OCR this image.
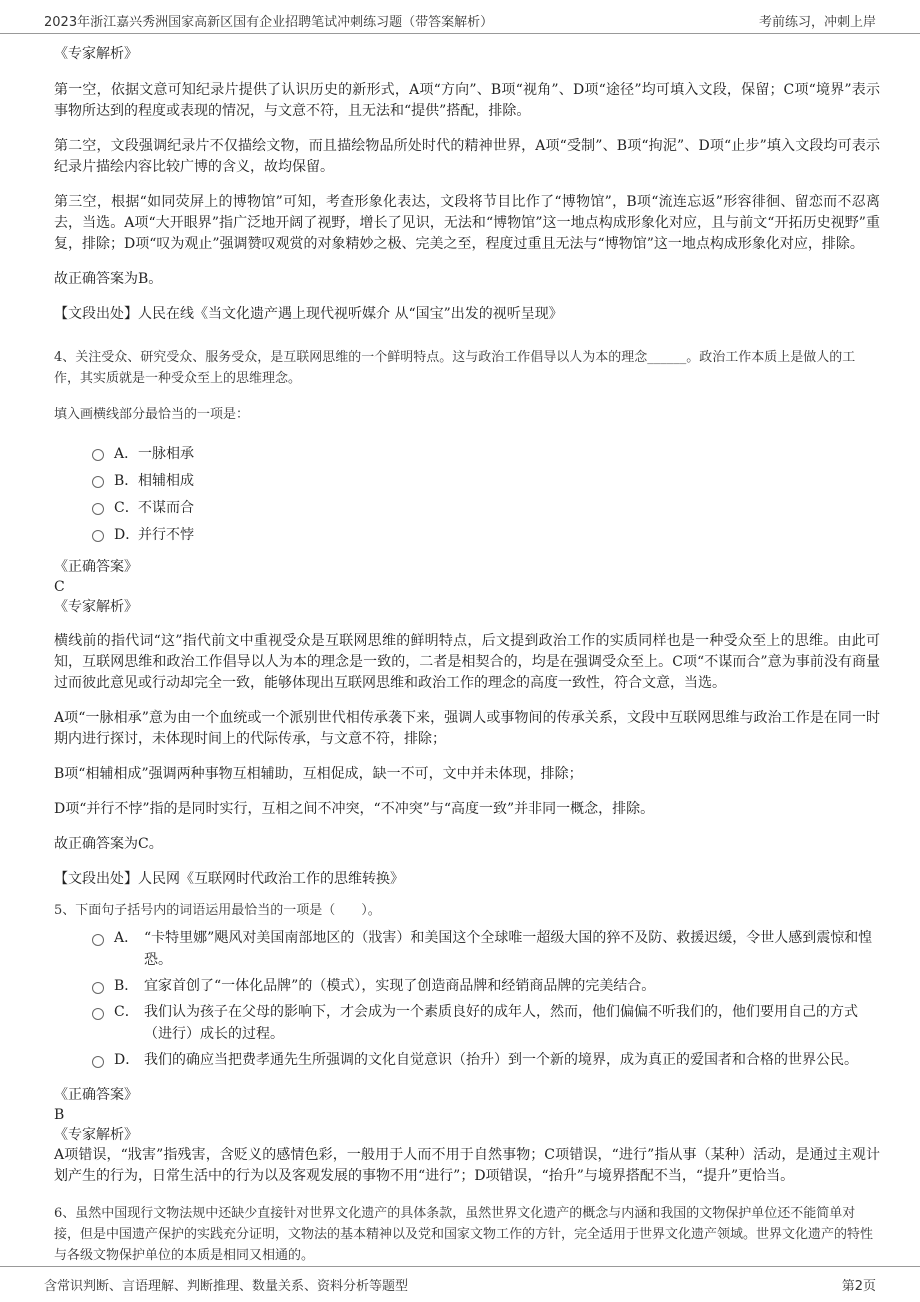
2023年浙江嘉兴秀洲国家高新区国有企业招聘笔试冲刺练习题（带答案解析）	考前练习，冲刺上岸

《专家解析》

第一空，依据文意可知纪录片提供了认识历史的新形式，A项“方向”、B项“视角”、D项“途径”均可填入文段，保留；C项“境界”表示事物所达到的程度或表现的情况，与文意不符，且无法和“提供”搭配，排除。

第二空，文段强调纪录片不仅描绘文物，而且描绘物品所处时代的精神世界，A项“受制”、B项“拘泥”、D项“止步”填入文段均可表示纪录片描绘内容比较广博的含义，故均保留。

第三空，根据“如同荧屏上的博物馆”可知，考查形象化表达，文段将节目比作了“博物馆”，B项“流连忘返”形容徘徊、留恋而不忍离去，当选。A项“大开眼界”指广泛地开阔了视野，增长了见识，无法和“博物馆”这一地点构成形象化对应，且与前文“开拓历史视野”重复，排除；D项“叹为观止”强调赞叹观赏的对象精妙之极、完美之至，程度过重且无法与“博物馆”这一地点构成形象化对应，排除。

故正确答案为B。

【文段出处】人民在线《当文化遗产遇上现代视听媒介 从“国宝”出发的视听呈现》

4、关注受众、研究受众、服务受众，是互联网思维的一个鲜明特点。这与政治工作倡导以人为本的理念______。政治工作本质上是做人的工作，其实质就是一种受众至上的思维理念。

填入画横线部分最恰当的一项是：

A． 一脉相承
B． 相辅相成
C． 不谋而合
D．
并行不悖

《正确答案》

C

《专家解析》

横线前的指代词“这”指代前文中重视受众是互联网思维的鲜明特点，后文提到政治工作的实质同样也是一种受众至上的思维。由此可知，互联网思维和政治工作倡导以人为本的理念是一致的，二者是相契合的，均是在强调受众至上。C项“不谋而合”意为事前没有商量过而彼此意见或行动却完全一致，能够体现出互联网思维和政治工作的理念的高度一致性，符合文意，当选。

A项“一脉相承”意为由一个血统或一个派别世代相传承袭下来，强调人或事物间的传承关系，文段中互联网思维与政治工作是在同一时期内进行探讨，未体现时间上的代际传承，与文意不符，排除；

B项“相辅相成”强调两种事物互相辅助，互相促成，缺一不可，文中并未体现，排除；

D项“并行不悖”指的是同时实行，互相之间不冲突，“不冲突”与“高度一致”并非同一概念，排除。

故正确答案为C。

【文段出处】人民网《互联网时代政治工作的思维转换》

5、下面句子括号内的词语运用最恰当的一项是（　　）。

A． “卡特里娜”飓风对美国南部地区的（戕害）和美国这个全球唯一超级大国的猝不及防、救援迟缓，令世人感到震惊和惶恐。
B． 宜家首创了“一体化品牌”的（模式），实现了创造商品牌和经销商品牌的完美结合。
C． 我们认为孩子在父母的影响下，才会成为一个素质良好的成年人，然而，他们偏偏不听我们的，他们要用自己的方式（进行）成长的过程。
D． 我们的确应当把费孝通先生所强调的文化自觉意识（抬升）到一个新的境界，成为真正的爱国者和合格的世界公民。

《正确答案》

B

《专家解析》

A项错误，“戕害”指残害，含贬义的感情色彩，一般用于人而不用于自然事物；C项错误，“进行”指从事（某种）活动，是通过主观计划产生的行为，日常生活中的行为以及客观发展的事物不用“进行”；D项错误，“抬升”与境界搭配不当，“提升”更恰当。

6、虽然中国现行文物法规中还缺少直接针对世界文化遗产的具体条款，虽然世界文化遗产的概念与内涵和我国的文物保护单位还不能简单对接，但是中国遗产保护的实践充分证明，文物法的基本精神以及党和国家文物工作的方针，完全适用于世界文化遗产领域。世界文化遗产的特性与各级文物保护单位的本质是相同又相通的。

含常识判断、言语理解、判断推理、数量关系、资料分析等题型	第2页
